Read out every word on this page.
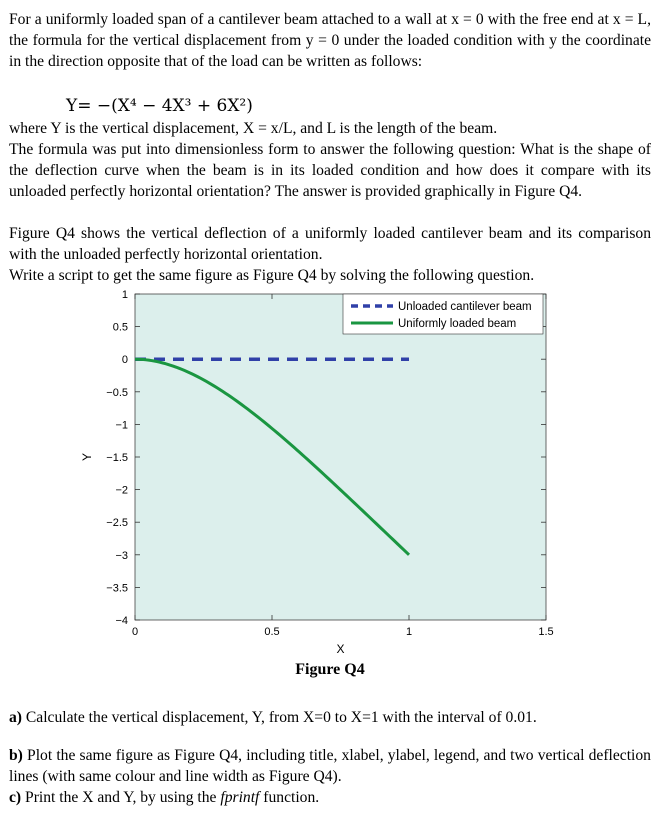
For a uniformly loaded span of a cantilever beam attached to a wall at x = 0 with the free end at x = L, the formula for the vertical displacement from y = 0 under the loaded condition with y the coordinate in the direction opposite that of the load can be written as follows:

Y= −(X⁴ − 4X³ + 6X²)

where Y is the vertical displacement, X = x/L, and L is the length of the beam.

The formula was put into dimensionless form to answer the following question: What is the shape of the deflection curve when the beam is in its loaded condition and how does it compare with its unloaded perfectly horizontal orientation? The answer is provided graphically in Figure Q4.

Figure Q4 shows the vertical deflection of a uniformly loaded cantilever beam and its comparison with the unloaded perfectly horizontal orientation.

Write a script to get the same figure as Figure Q4 by solving the following question.

1
0.5
0
−0.5
−1
−1.5
−2
−2.5
−3
−3.5
−4
0	0.5	1	1.5
X
Y
Unloaded cantilever beam
Uniformly loaded beam
Figure Q4

a) Calculate the vertical displacement, Y, from X=0 to X=1 with the interval of 0.01.

b) Plot the same figure as Figure Q4, including title, xlabel, ylabel, legend, and two vertical deflection lines (with same colour and line width as Figure Q4).

c) Print the X and Y, by using the fprintf function.
